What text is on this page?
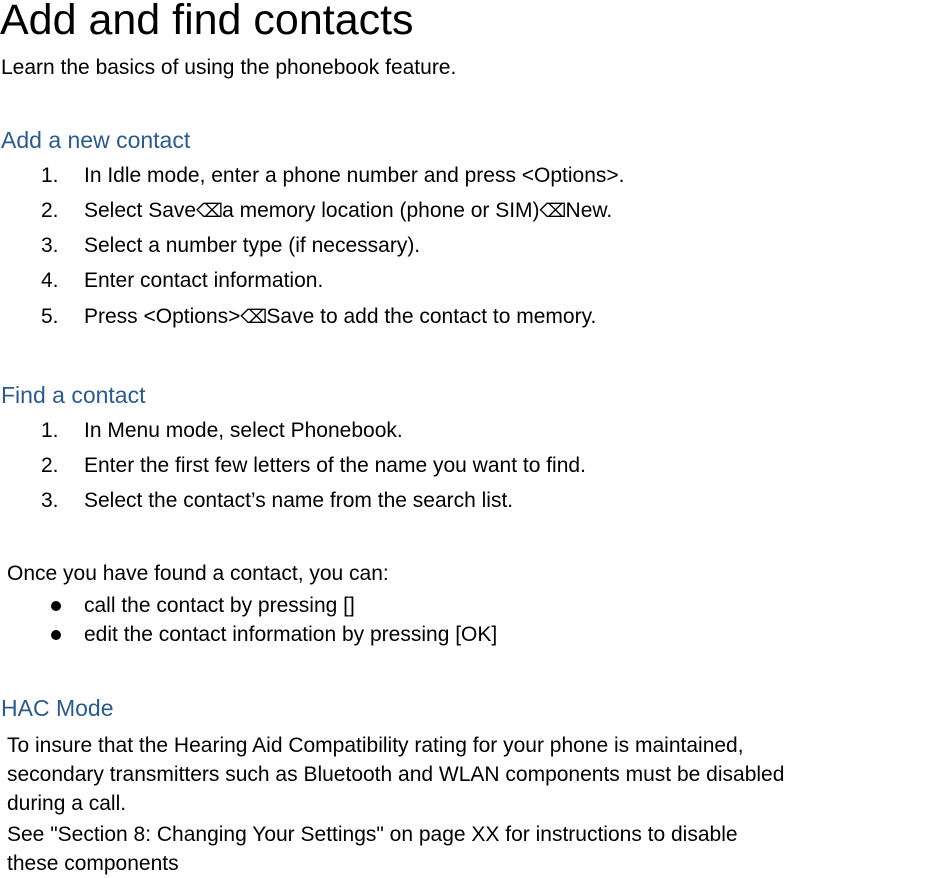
Add and find contacts
Learn the basics of using the phonebook feature.
Add a new contact
1. In Idle mode, enter a phone number and press <Options>.
2. Select Save⌫a memory location (phone or SIM)⌫New.
3. Select a number type (if necessary).
4. Enter contact information.
5. Press <Options>⌫Save to add the contact to memory.
Find a contact
1. In Menu mode, select Phonebook.
2. Enter the first few letters of the name you want to find.
3. Select the contact’s name from the search list.
Once you have found a contact, you can:
call the contact by pressing []
edit the contact information by pressing [OK]
HAC Mode
To insure that the Hearing Aid Compatibility rating for your phone is maintained,
secondary transmitters such as Bluetooth and WLAN components must be disabled
during a call.
See "Section 8: Changing Your Settings" on page XX for instructions to disable
these components
